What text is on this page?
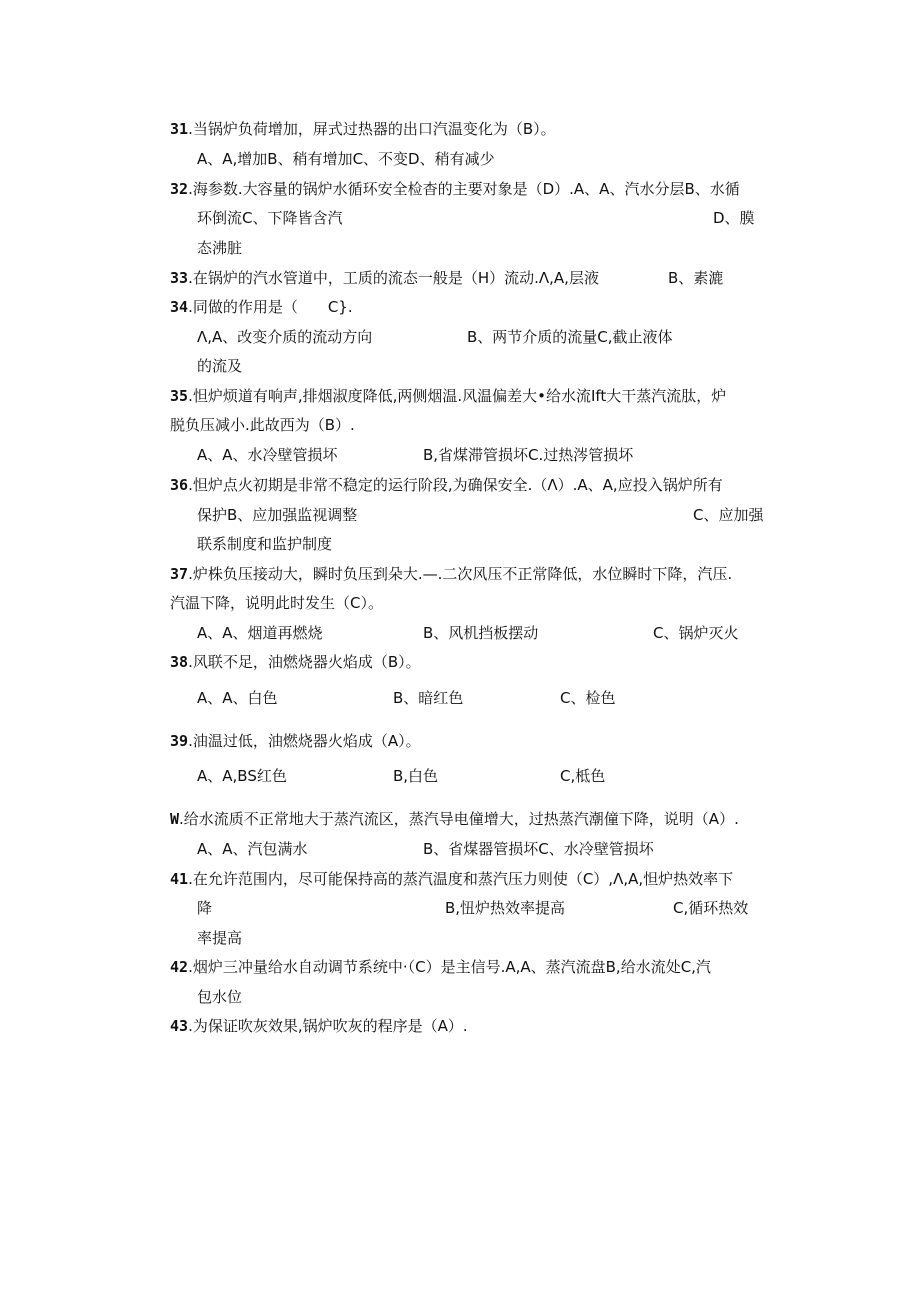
31.当锅炉负荷增加，屏式过热器的出口汽温变化为（B）。
A、A,增加B、稍有增加C、不变D、稍有减少
32.海参数.大容量的锅炉水循环安全检杳的主要对象是（D）.A、A、汽水分层B、水循
环倒流C、下降皆含汽	D、膜
态沸脏
33.在锅炉的汽水管道中，工质的流态一般是（H）流动.Λ,A,层液	B、素漉
34.同做的作用是（　　C}.
Λ,A、改变介质的流动方向	B、两节介质的流量C,截止液体
的流及
35.怛炉烦道有响声,排烟淑度降低,两侧烟温.风温偏差大•给水流Ift大干蒸汽流肽，炉
脱负压减小.此故西为（B）.
A、A、水冷壁管损坏	B,省煤滞管损坏C.过热涔管损坏
36.怛炉点火初期是非常不稳定的运行阶段,为确保安全.（Λ）.A、A,应投入锅炉所有
保护B、应加强监视调整	C、应加强
联系制度和监护制度
37.炉株负压接动大，瞬时负压到朵大.—.二次风压不正常降低，水位瞬时下降，汽压.
汽温下降，说明此时发生（C）。
A、A、烟道再燃烧	B、风机挡板摆动	C、锅炉灭火
38.风联不足，油燃烧器火焰成（B）。
A、A、白色	B、暗红色	C、检色
39.油温过低，油燃烧器火焰成（A）。
A、A,BS红色	B,白色	C,柢色
W.给水流质不正常地大于蒸汽流区，蒸汽导电僮增大，过热蒸汽潮僮下降，说明（A）.
A、A、汽包满水	B、省煤器管损坏C、水冷壁管损坏
41.在允许范围内，尽可能保持高的蒸汽温度和蒸汽压力则使（C）,Λ,A,怛炉热效率下
降	B,忸炉热效率提高	C,循环热效
率提高
42.烟炉三冲量给水自动调节系统中·（C）是主信号.A,A、蒸汽流盘B,给水流处C,汽
包水位
43.为保证吹灰效果,锅炉吹灰的程序是（A）.
